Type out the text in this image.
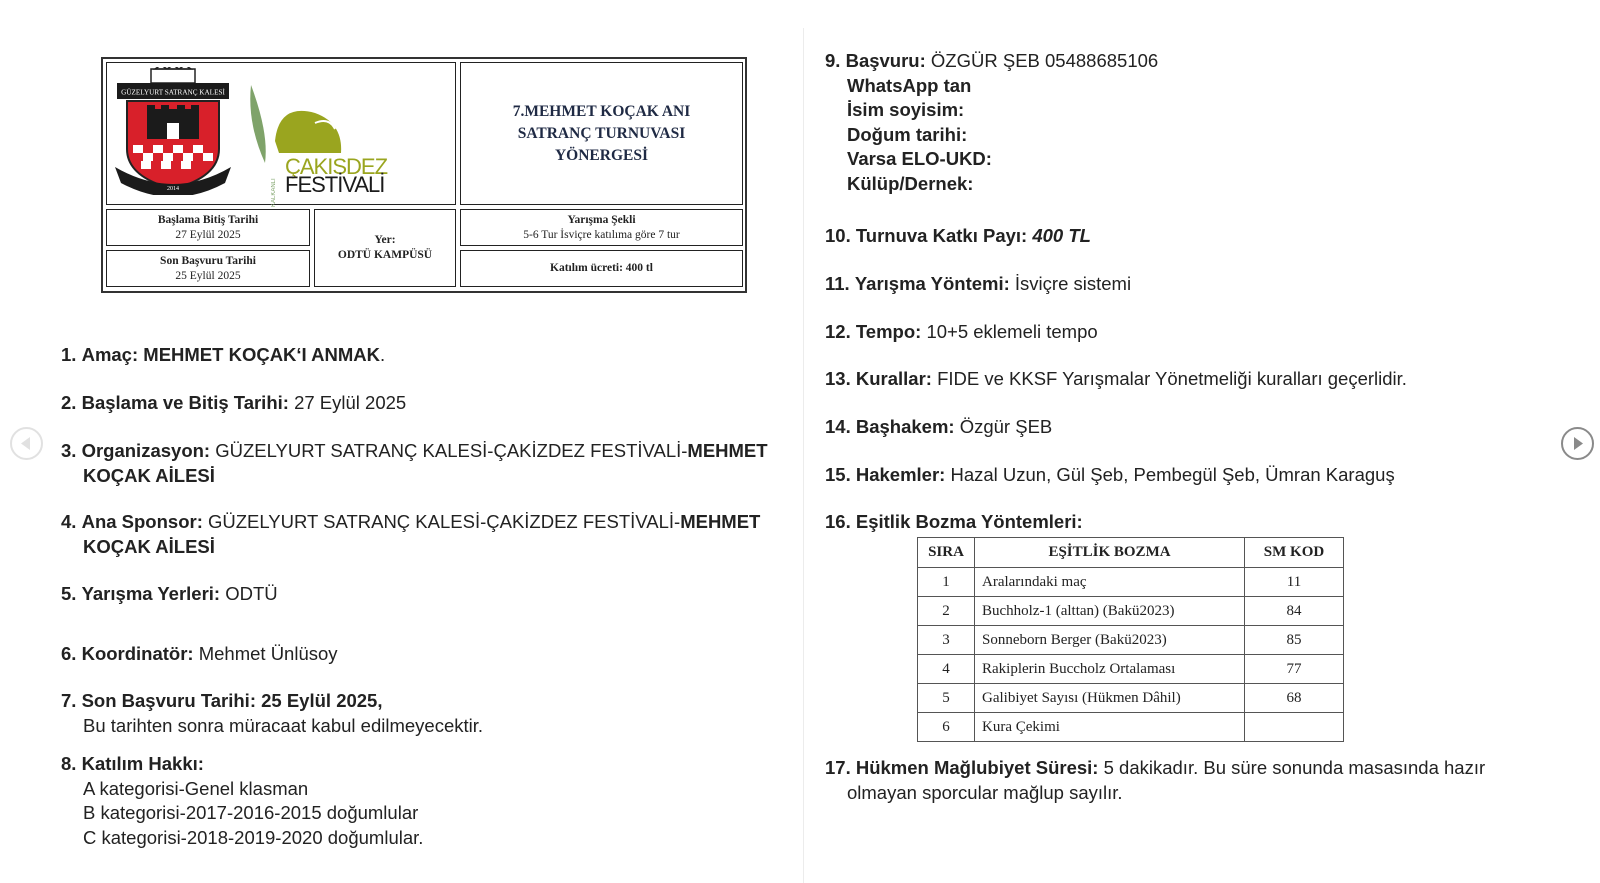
GÜZELYURT SATRANÇ KALESİ
2014	KALKANLI
ÇAKISDEZ
FESTİVALİ
7.MEHMET KOÇAK ANI
SATRANÇ TURNUVASI
YÖNERGESİ
Başlama Bitiş Tarihi
27 Eylül 2025
Son Başvuru Tarihi
25 Eylül 2025
Yer:
ODTÜ KAMPÜSÜ
Yarışma Şekli
5-6 Tur İsviçre katılıma göre 7 tur
Katılım ücreti: 400 tl
1. Amaç: MEHMET KOÇAK‘I ANMAK.
2. Başlama ve Bitiş Tarihi: 27 Eylül 2025
3. Organizasyon: GÜZELYURT SATRANÇ KALESİ-ÇAKİZDEZ FESTİVALİ-MEHMET
KOÇAK AİLESİ
4. Ana Sponsor: GÜZELYURT SATRANÇ KALESİ-ÇAKİZDEZ FESTİVALİ-MEHMET
KOÇAK AİLESİ
5. Yarışma Yerleri: ODTÜ
6. Koordinatör: Mehmet Ünlüsoy
7. Son Başvuru Tarihi: 25 Eylül 2025,
Bu tarihten sonra müracaat kabul edilmeyecektir.
8. Katılım Hakkı:
A kategorisi-Genel klasman
B kategorisi-2017-2016-2015 doğumlular
C kategorisi-2018-2019-2020 doğumlular.
9. Başvuru: ÖZGÜR ŞEB 05488685106
WhatsApp tan
İsim soyisim:
Doğum tarihi:
Varsa ELO-UKD:
Külüp/Dernek:
10. Turnuva Katkı Payı: 400 TL
11. Yarışma Yöntemi: İsviçre sistemi
12. Tempo: 10+5 eklemeli tempo
13. Kurallar: FIDE ve KKSF Yarışmalar Yönetmeliği kuralları geçerlidir.
14. Başhakem: Özgür ŞEB
15. Hakemler: Hazal Uzun, Gül Şeb, Pembegül Şeb, Ümran Karaguş
16. Eşitlik Bozma Yöntemleri:
SIRA	EŞİTLİK BOZMA	SM KOD
1	Aralarındaki maç	11
2	Buchholz-1 (alttan) (Bakü2023)	84
3	Sonneborn Berger (Bakü2023)	85
4	Rakiplerin Buccholz Ortalaması	77
5	Galibiyet Sayısı (Hükmen Dâhil)	68
6	Kura Çekimi	
17. Hükmen Mağlubiyet Süresi: 5 dakikadır. Bu süre sonunda masasında hazır
olmayan sporcular mağlup sayılır.
